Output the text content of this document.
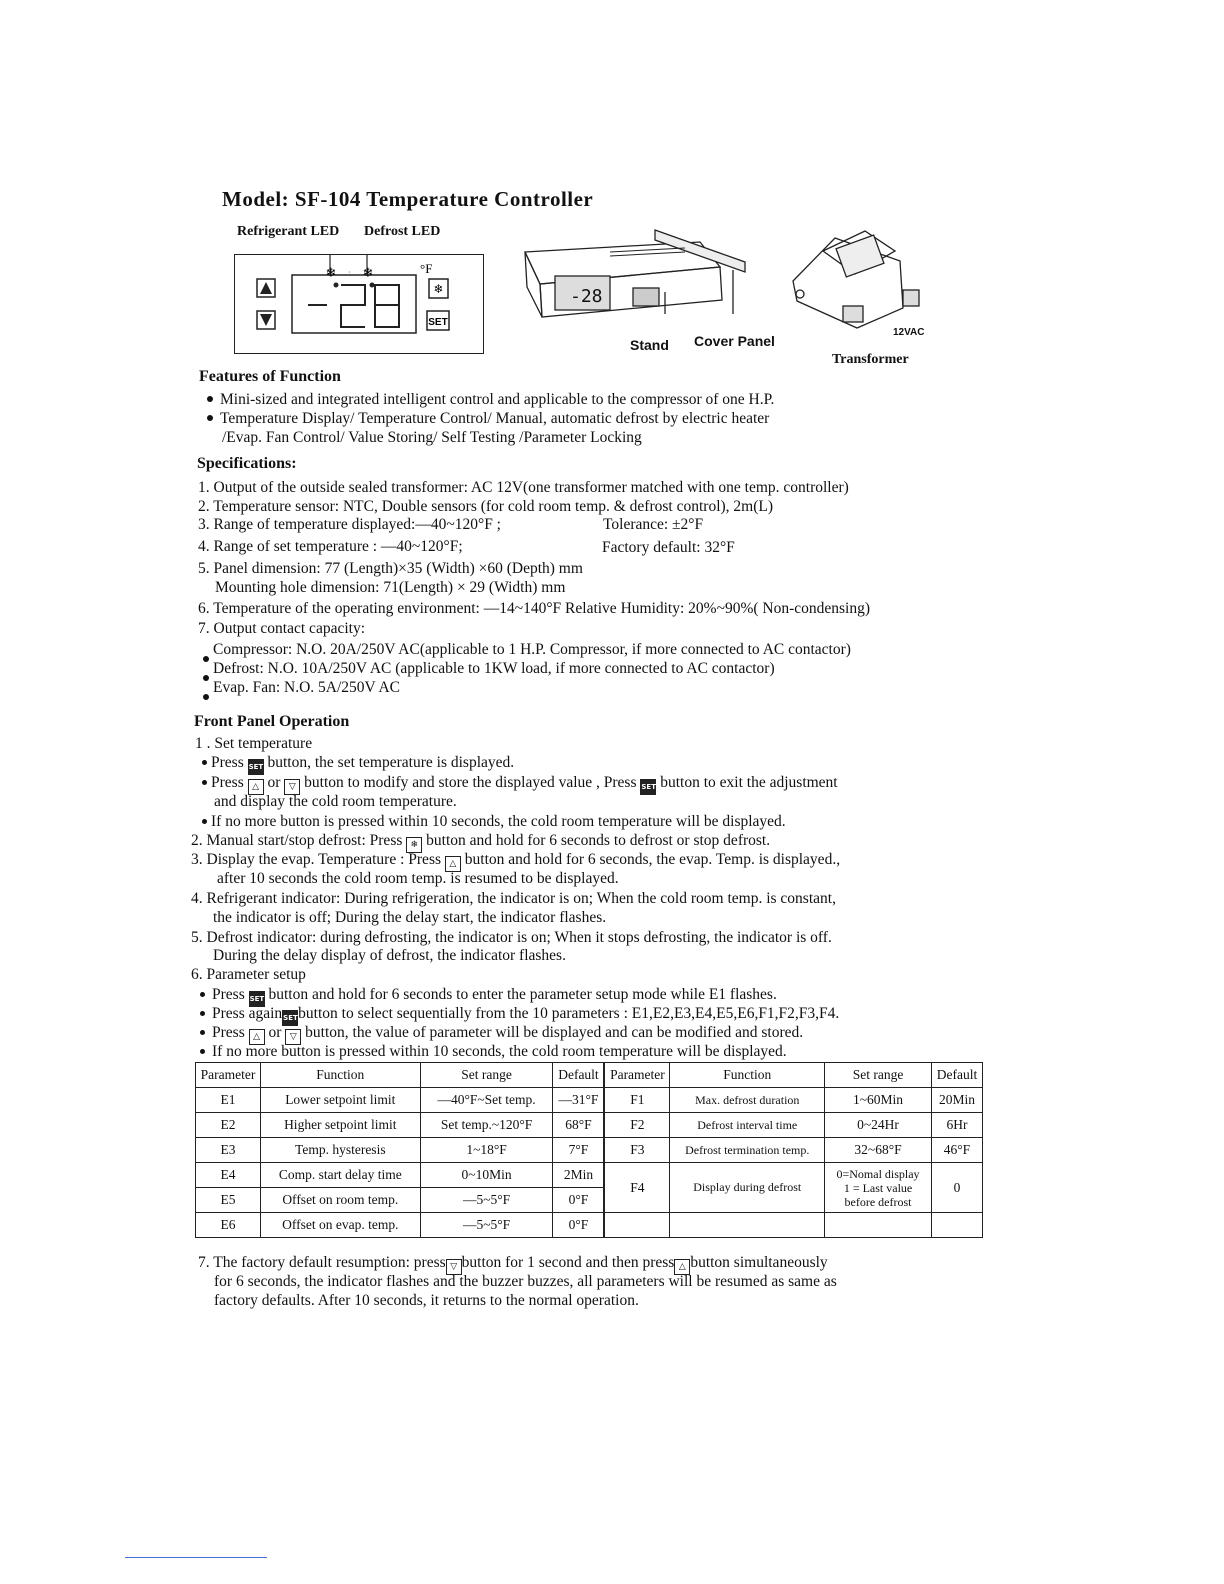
Model: SF-104 Temperature Controller
Refrigerant LED Defrost LED
❄ ❄
·	°F
❄
SET
-28
Stand Cover Panel
12VAC
Transformer
Features of Function
Mini-sized and integrated intelligent control and applicable to the compressor of one H.P.
Temperature Display/ Temperature Control/ Manual, automatic defrost by electric heater
/Evap. Fan Control/ Value Storing/ Self Testing /Parameter Locking
Specifications:
1. Output of the outside sealed transformer: AC 12V(one transformer matched with one temp. controller)
2. Temperature sensor: NTC, Double sensors (for cold room temp. & defrost control), 2m(L)
3. Range of temperature displayed:—40~120°F ;	Tolerance: ±2°F
4. Range of set temperature : —40~120°F;	Factory default: 32°F
5. Panel dimension: 77 (Length)×35 (Width) ×60 (Depth) mm
Mounting hole dimension: 71(Length) × 29 (Width) mm
6. Temperature of the operating environment: —14~140°F Relative Humidity: 20%~90%( Non-condensing)
7. Output contact capacity:
Compressor: N.O. 20A/250V AC(applicable to 1 H.P. Compressor, if more connected to AC contactor)
Defrost: N.O. 10A/250V AC (applicable to 1KW load, if more connected to AC contactor)
Evap. Fan: N.O. 5A/250V AC
Front Panel Operation
1 . Set temperature
Press SET button, the set temperature is displayed.
Press △ or ▽ button to modify and store the displayed value , Press SET button to exit the adjustment
and display the cold room temperature.
If no more button is pressed within 10 seconds, the cold room temperature will be displayed.
2. Manual start/stop defrost: Press ❄ button and hold for 6 seconds to defrost or stop defrost.
3. Display the evap. Temperature : Press △ button and hold for 6 seconds, the evap. Temp. is displayed.,
after 10 seconds the cold room temp. is resumed to be displayed.
4. Refrigerant indicator: During refrigeration, the indicator is on; When the cold room temp. is constant,
the indicator is off; During the delay start, the indicator flashes.
5. Defrost indicator: during defrosting, the indicator is on; When it stops defrosting, the indicator is off.
During the delay display of defrost, the indicator flashes.
6. Parameter setup
Press SET button and hold for 6 seconds to enter the parameter setup mode while E1 flashes.
Press againSETbutton to select sequentially from the 10 parameters : E1,E2,E3,E4,E5,E6,F1,F2,F3,F4.
Press △ or ▽ button, the value of parameter will be displayed and can be modified and stored.
If no more button is pressed within 10 seconds, the cold room temperature will be displayed.
Parameter	Function	Set range	Default	Parameter	Function	Set range	Default
E1	Lower setpoint limit	—40°F~Set temp.	—31°F	F1	Max. defrost duration	1~60Min	20Min
E2	Higher setpoint limit	Set temp.~120°F	68°F	F2	Defrost interval time	0~24Hr	6Hr
E3	Temp. hysteresis	1~18°F	7°F	F3	Defrost termination temp.	32~68°F	46°F
E4	Comp. start delay time	0~10Min	2Min	F4	Display during defrost	0=Nomal display
1 = Last value
before defrost	0
E5	Offset on room temp.	—5~5°F	0°F				
E6	Offset on evap. temp.	—5~5°F	0°F				
7. The factory default resumption: press ▽ button for 1 second and then press △ button simultaneously
for 6 seconds, the indicator flashes and the buzzer buzzes, all parameters will be resumed as same as
factory defaults. After 10 seconds, it returns to the normal operation.
